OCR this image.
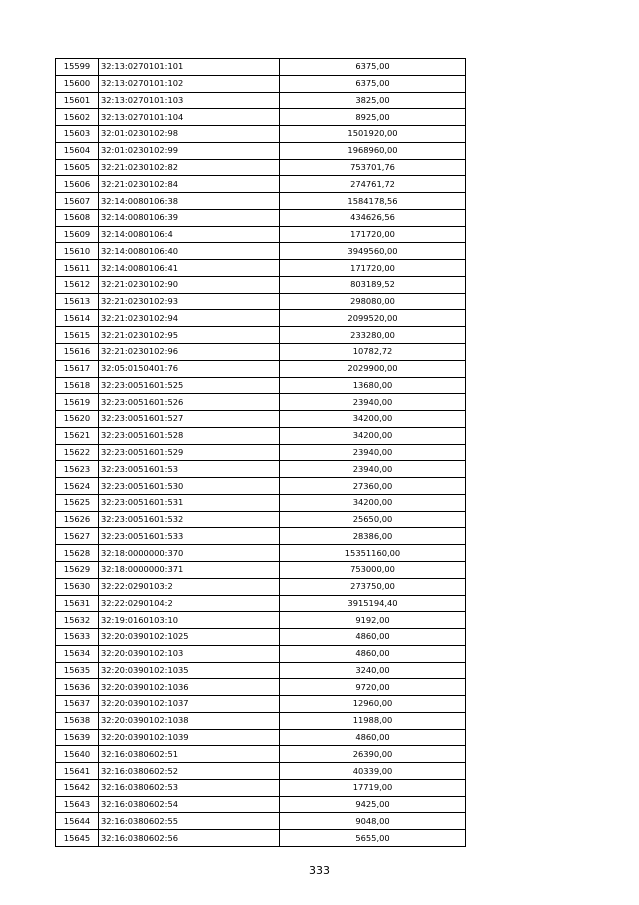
15599	32:13:0270101:101	6375,00
15600	32:13:0270101:102	6375,00
15601	32:13:0270101:103	3825,00
15602	32:13:0270101:104	8925,00
15603	32:01:0230102:98	1501920,00
15604	32:01:0230102:99	1968960,00
15605	32:21:0230102:82	753701,76
15606	32:21:0230102:84	274761,72
15607	32:14:0080106:38	1584178,56
15608	32:14:0080106:39	434626,56
15609	32:14:0080106:4	171720,00
15610	32:14:0080106:40	3949560,00
15611	32:14:0080106:41	171720,00
15612	32:21:0230102:90	803189,52
15613	32:21:0230102:93	298080,00
15614	32:21:0230102:94	2099520,00
15615	32:21:0230102:95	233280,00
15616	32:21:0230102:96	10782,72
15617	32:05:0150401:76	2029900,00
15618	32:23:0051601:525	13680,00
15619	32:23:0051601:526	23940,00
15620	32:23:0051601:527	34200,00
15621	32:23:0051601:528	34200,00
15622	32:23:0051601:529	23940,00
15623	32:23:0051601:53	23940,00
15624	32:23:0051601:530	27360,00
15625	32:23:0051601:531	34200,00
15626	32:23:0051601:532	25650,00
15627	32:23:0051601:533	28386,00
15628	32:18:0000000:370	15351160,00
15629	32:18:0000000:371	753000,00
15630	32:22:0290103:2	273750,00
15631	32:22:0290104:2	3915194,40
15632	32:19:0160103:10	9192,00
15633	32:20:0390102:1025	4860,00
15634	32:20:0390102:103	4860,00
15635	32:20:0390102:1035	3240,00
15636	32:20:0390102:1036	9720,00
15637	32:20:0390102:1037	12960,00
15638	32:20:0390102:1038	11988,00
15639	32:20:0390102:1039	4860,00
15640	32:16:0380602:51	26390,00
15641	32:16:0380602:52	40339,00
15642	32:16:0380602:53	17719,00
15643	32:16:0380602:54	9425,00
15644	32:16:0380602:55	9048,00
15645	32:16:0380602:56	5655,00
333
